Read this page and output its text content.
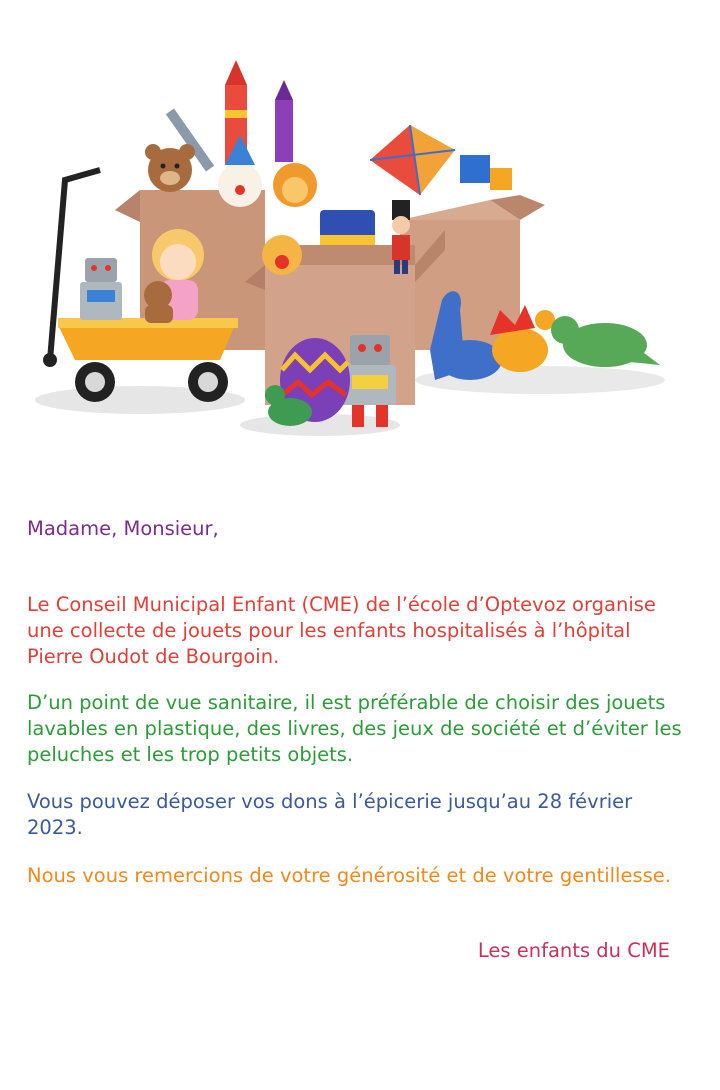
Madame, Monsieur,

Le Conseil Municipal Enfant (CME) de l’école d’Optevoz organise une collecte de jouets pour les enfants hospitalisés à l’hôpital Pierre Oudot de Bourgoin.

D’un point de vue sanitaire, il est préférable de choisir des jouets lavables en plastique, des livres, des jeux de société et d’éviter les peluches et les trop petits objets.

Vous pouvez déposer vos dons à l’épicerie jusqu’au 28 février 2023.

Nous vous remercions de votre générosité et de votre gentillesse.

Les enfants du CME
